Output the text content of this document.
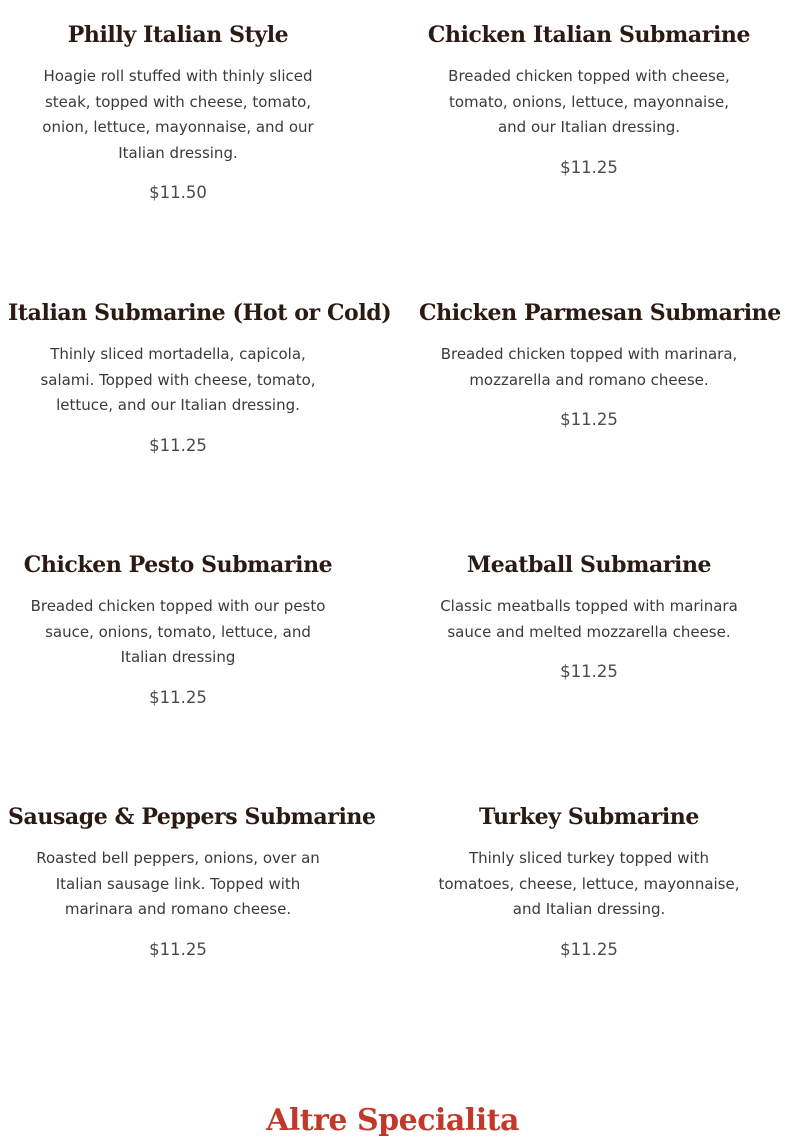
Philly Italian Style

Hoagie roll stuffed with thinly sliced steak, topped with cheese, tomato, onion, lettuce, mayonnaise, and our Italian dressing.

$11.50

Chicken Italian Submarine

Breaded chicken topped with cheese, tomato, onions, lettuce, mayonnaise, and our Italian dressing.

$11.25

Italian Submarine (Hot or Cold)

Thinly sliced mortadella, capicola, salami. Topped with cheese, tomato, lettuce, and our Italian dressing.

$11.25

Chicken Parmesan Submarine

Breaded chicken topped with marinara, mozzarella and romano cheese.

$11.25

Chicken Pesto Submarine

Breaded chicken topped with our pesto sauce, onions, tomato, lettuce, and Italian dressing

$11.25

Meatball Submarine

Classic meatballs topped with marinara sauce and melted mozzarella cheese.

$11.25

Sausage & Peppers Submarine

Roasted bell peppers, onions, over an Italian sausage link. Topped with marinara and romano cheese.

$11.25

Turkey Submarine

Thinly sliced turkey topped with tomatoes, cheese, lettuce, mayonnaise, and Italian dressing.

$11.25

Altre Specialita
